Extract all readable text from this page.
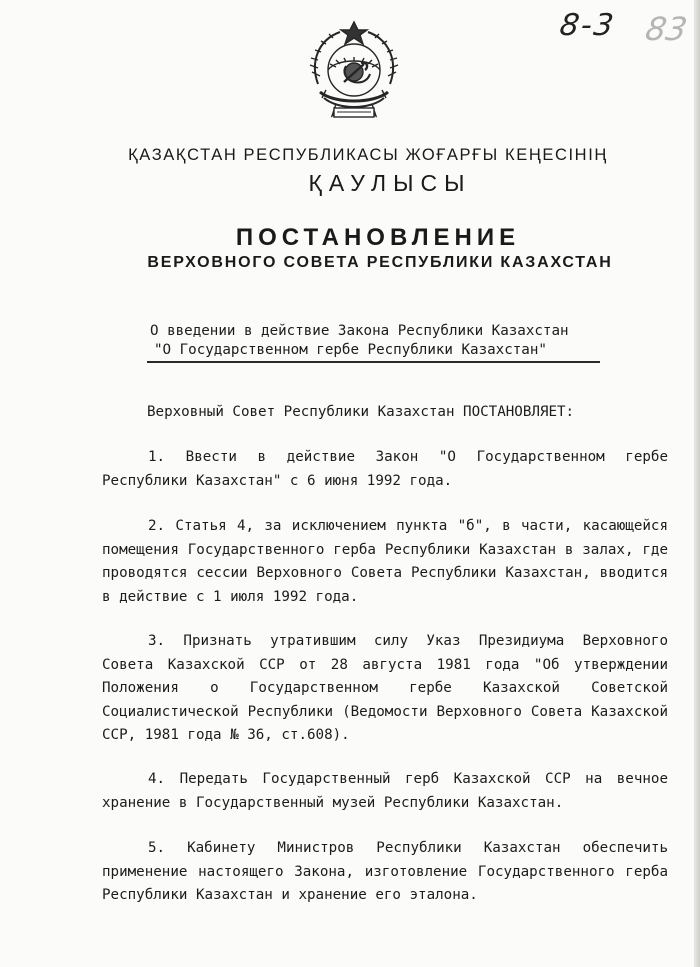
8-3 83
ҚАЗАҚСТАН РЕСПУБЛИКАСЫ ЖОҒАРҒЫ КЕҢЕСІНІҢ
ҚАУЛЫСЫ
ПОСТАНОВЛЕНИЕ
ВЕРХОВНОГО СОВЕТА РЕСПУБЛИКИ КАЗАХСТАН
О введении в действие Закона Республики Казахстан
"О Государственном гербе Республики Казахстан"
Верховный Совет Республики Казахстан ПОСТАНОВЛЯЕТ:
1. Ввести в действие Закон "О Государственном гербе Республики Казахстан" с 6 июня 1992 года.
2. Статья 4, за исключением пункта "б", в части, касающейся помещения Государственного герба Республики Казахстан в залах, где проводятся сессии Верховного Совета Республики Казахстан, вводится в действие с 1 июля 1992 года.
3. Признать утратившим силу Указ Президиума Верховного Совета Казахской ССР от 28 августа 1981 года "Об утверждении Положения о Государственном гербе Казахской Советской Социалистической Республики (Ведомости Верховного Совета Казахской ССР, 1981 года № 36, ст.608).
4. Передать Государственный герб Казахской ССР на вечное хранение в Государственный музей Республики Казахстан.
5. Кабинету Министров Республики Казахстан обеспечить применение настоящего Закона, изготовление Государственного герба Республики Казахстан и хранение его эталона.
